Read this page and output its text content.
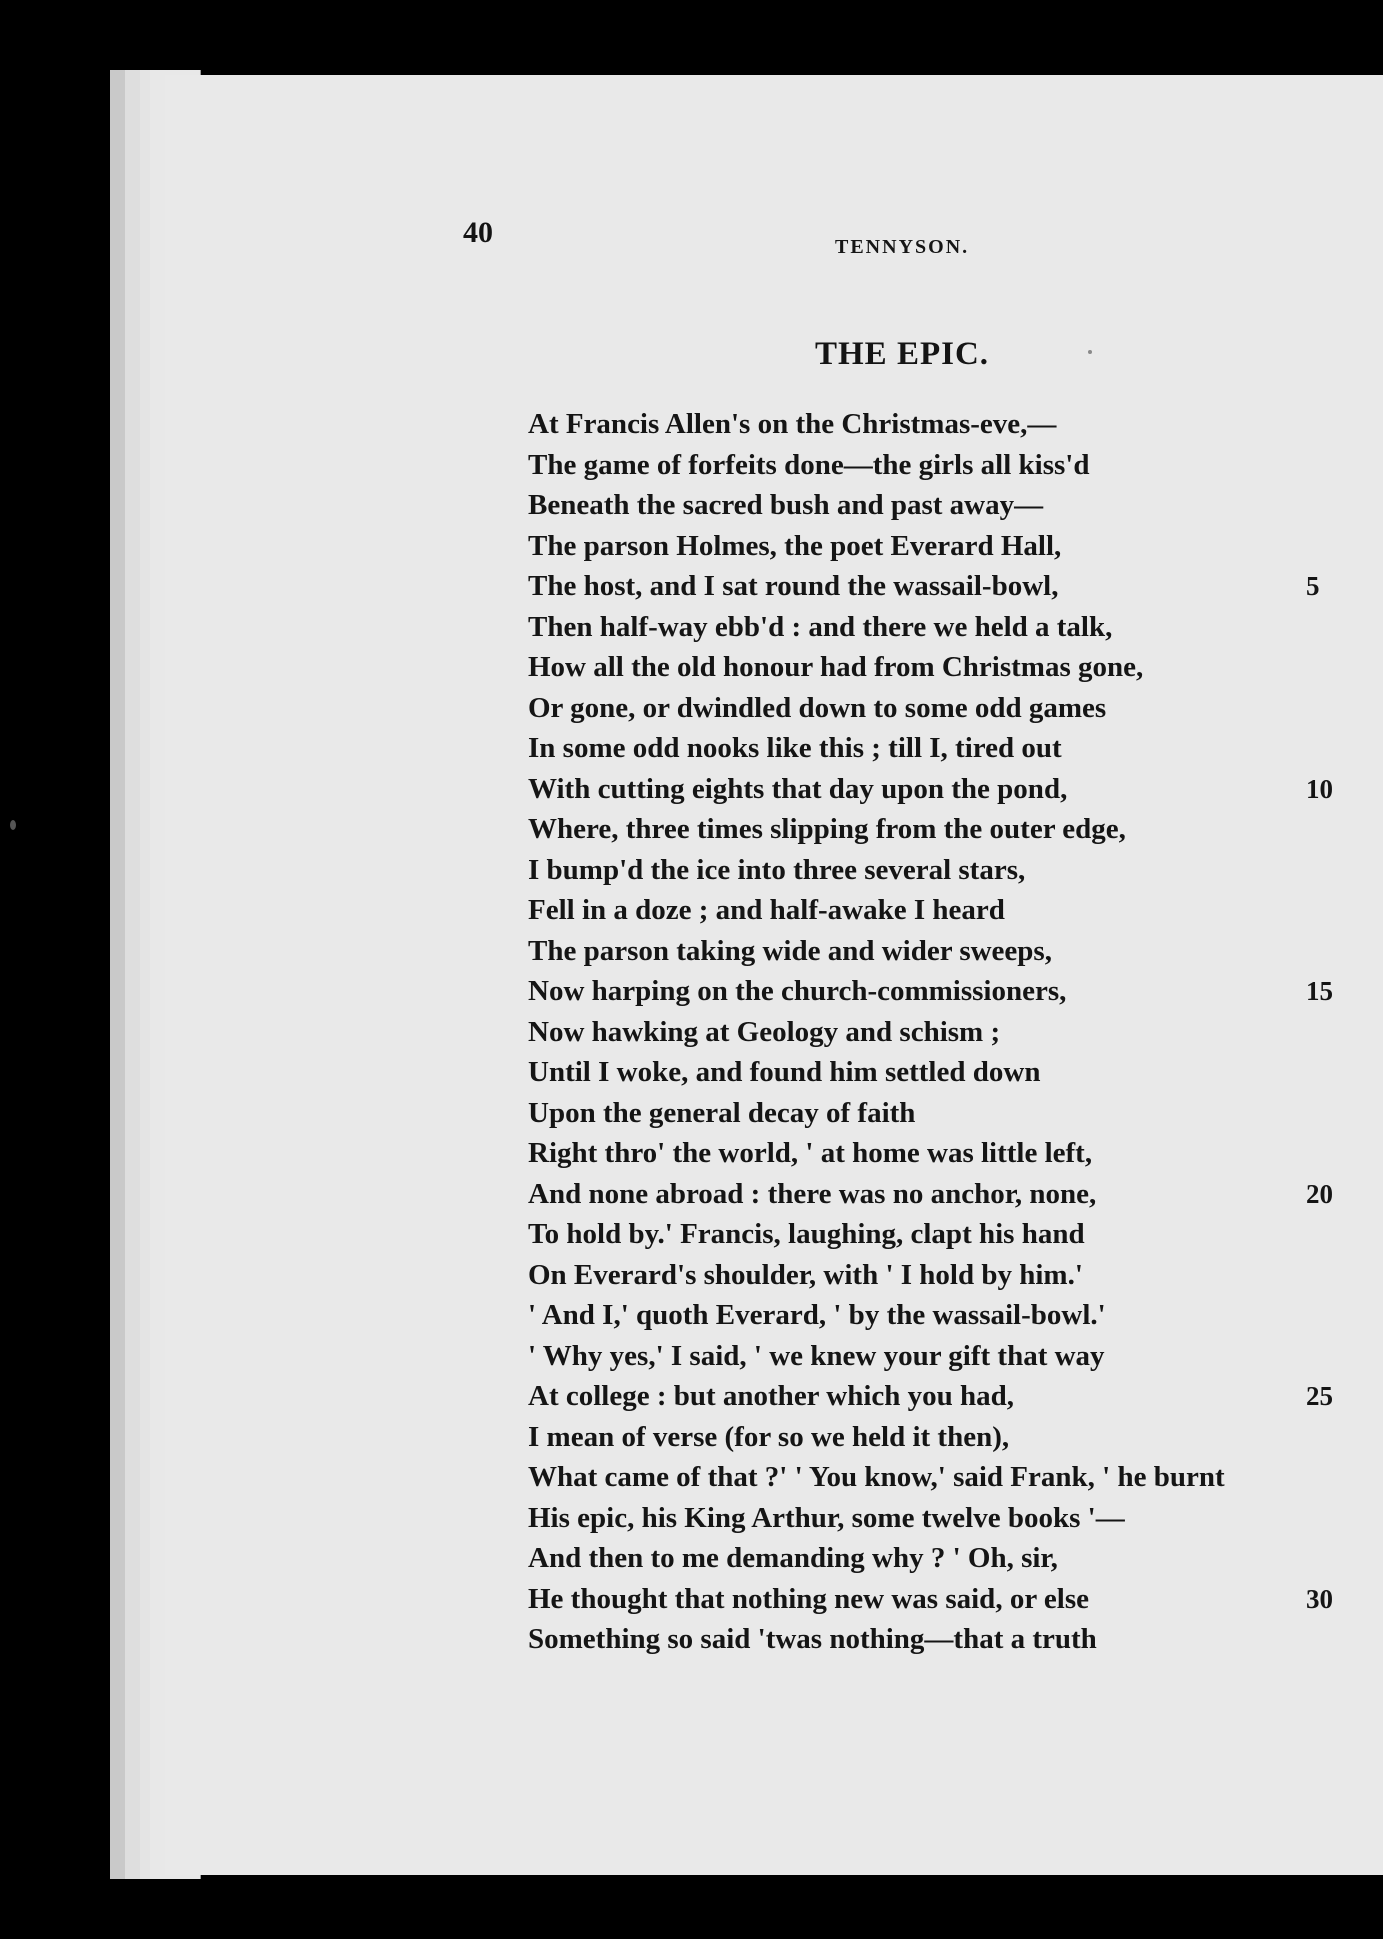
40	TENNYSON.
THE EPIC.
At Francis Allen's on the Christmas-eve,—
The game of forfeits done—the girls all kiss'd
Beneath the sacred bush and past away—
The parson Holmes, the poet Everard Hall,
The host, and I sat round the wassail-bowl,	5
Then half-way ebb'd : and there we held a talk,
How all the old honour had from Christmas gone,
Or gone, or dwindled down to some odd games
In some odd nooks like this ; till I, tired out
With cutting eights that day upon the pond,	10
Where, three times slipping from the outer edge,
I bump'd the ice into three several stars,
Fell in a doze ; and half-awake I heard
The parson taking wide and wider sweeps,
Now harping on the church-commissioners,	15
Now hawking at Geology and schism ;
Until I woke, and found him settled down
Upon the general decay of faith
Right thro' the world, ' at home was little left,
And none abroad : there was no anchor, none,	20
To hold by.' Francis, laughing, clapt his hand
On Everard's shoulder, with ' I hold by him.'
' And I,' quoth Everard, ' by the wassail-bowl.'
' Why yes,' I said, ' we knew your gift that way
At college : but another which you had,	25
I mean of verse (for so we held it then),
What came of that ?' ' You know,' said Frank, ' he burnt
His epic, his King Arthur, some twelve books '—
And then to me demanding why ? ' Oh, sir,
He thought that nothing new was said, or else	30
Something so said 'twas nothing—that a truth
